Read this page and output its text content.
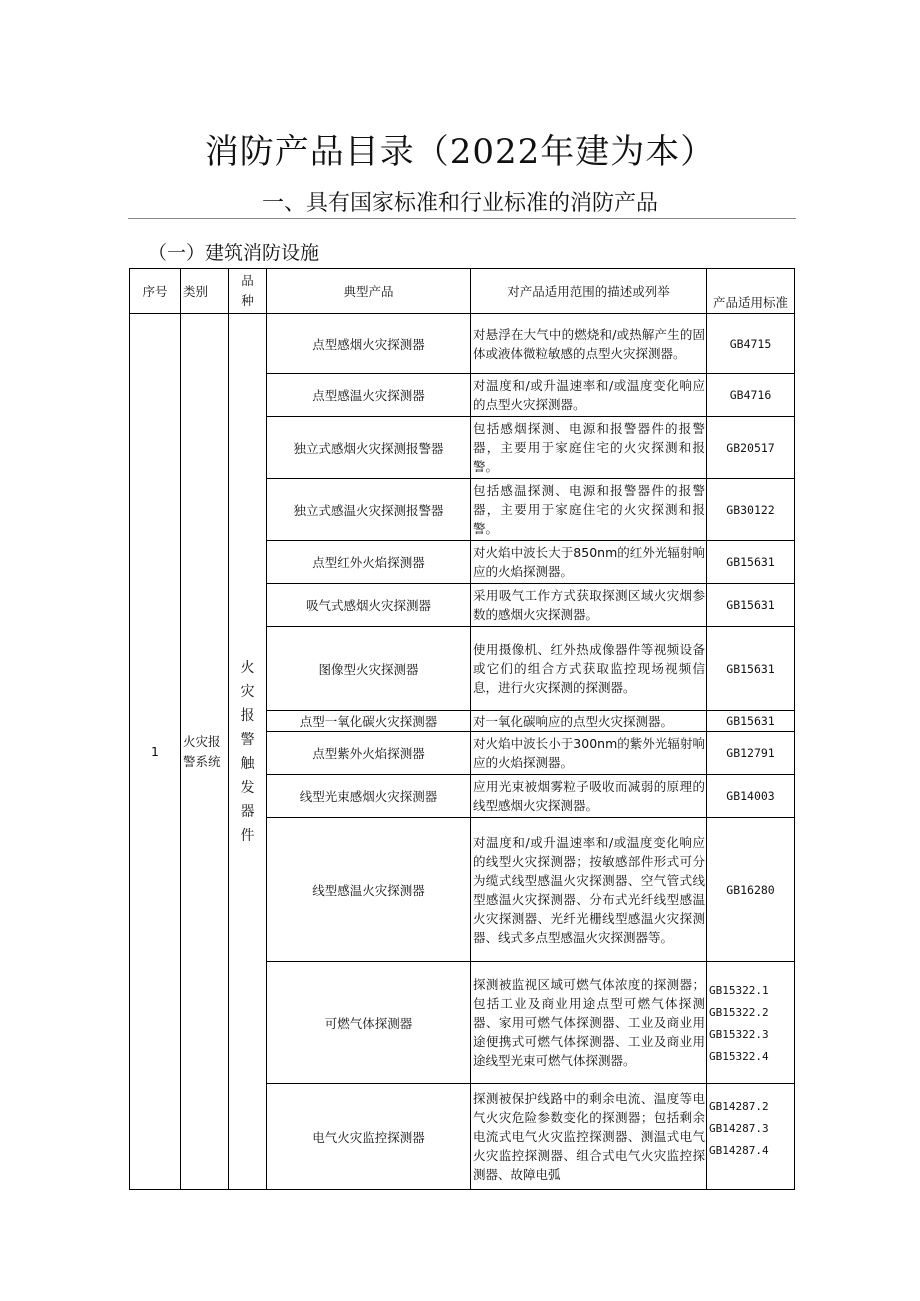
消防产品目录（2022年建为本）
一、具有国家标准和行业标准的消防产品
（一）建筑消防设施
序号	类别	品种	典型产品	对产品适用范围的描述或列举	产品适用标准
1	火灾报警系统	火灾报警触发器件	点型感烟火灾探测器	对悬浮在大气中的燃烧和/或热解产生的固体或液体微粒敏感的点型火灾探测器。	GB4715
			点型感温火灾探测器	对温度和/或升温速率和/或温度变化响应的点型火灾探测器。	GB4716
			独立式感烟火灾探测报警器	包括感烟探测、电源和报警器件的报警器，主要用于家庭住宅的火灾探测和报警。	GB20517
			独立式感温火灾探测报警器	包括感温探测、电源和报警器件的报警器，主要用于家庭住宅的火灾探测和报警。	GB30122
			点型红外火焰探测器	对火焰中波长大于850nm的红外光辐射响应的火焰探测器。	GB15631
			吸气式感烟火灾探测器	采用吸气工作方式获取探测区域火灾烟参数的感烟火灾探测器。	GB15631
			图像型火灾探测器	使用摄像机、红外热成像器件等视频设备或它们的组合方式获取监控现场视频信息，进行火灾探测的探测器。	GB15631
			点型一氧化碳火灾探测器	对一氧化碳响应的点型火灾探测器。	GB15631
			点型紫外火焰探测器	对火焰中波长小于300nm的紫外光辐射响应的火焰探测器。	GB12791
			线型光束感烟火灾探测器	应用光束被烟雾粒子吸收而减弱的原理的线型感烟火灾探测器。	GB14003
			线型感温火灾探测器	对温度和/或升温速率和/或温度变化响应的线型火灾探测器；按敏感部件形式可分为缆式线型感温火灾探测器、空气管式线型感温火灾探测器、分布式光纤线型感温火灾探测器、光纤光栅线型感温火灾探测器、线式多点型感温火灾探测器等。	GB16280
			可燃气体探测器	探测被监视区域可燃气体浓度的探测器；包括工业及商业用途点型可燃气体探测器、家用可燃气体探测器、工业及商业用途便携式可燃气体探测器、工业及商业用途线型光束可燃气体探测器。	GB15322.1
GB15322.2
GB15322.3
GB15322.4

			电气火灾监控探测器	探测被保护线路中的剩余电流、温度等电气火灾危险参数变化的探测器；包括剩余电流式电气火灾监控探测器、测温式电气火灾监控探测器、组合式电气火灾监控探测器、故障电弧	GB14287.2
GB14287.3
GB14287.4
